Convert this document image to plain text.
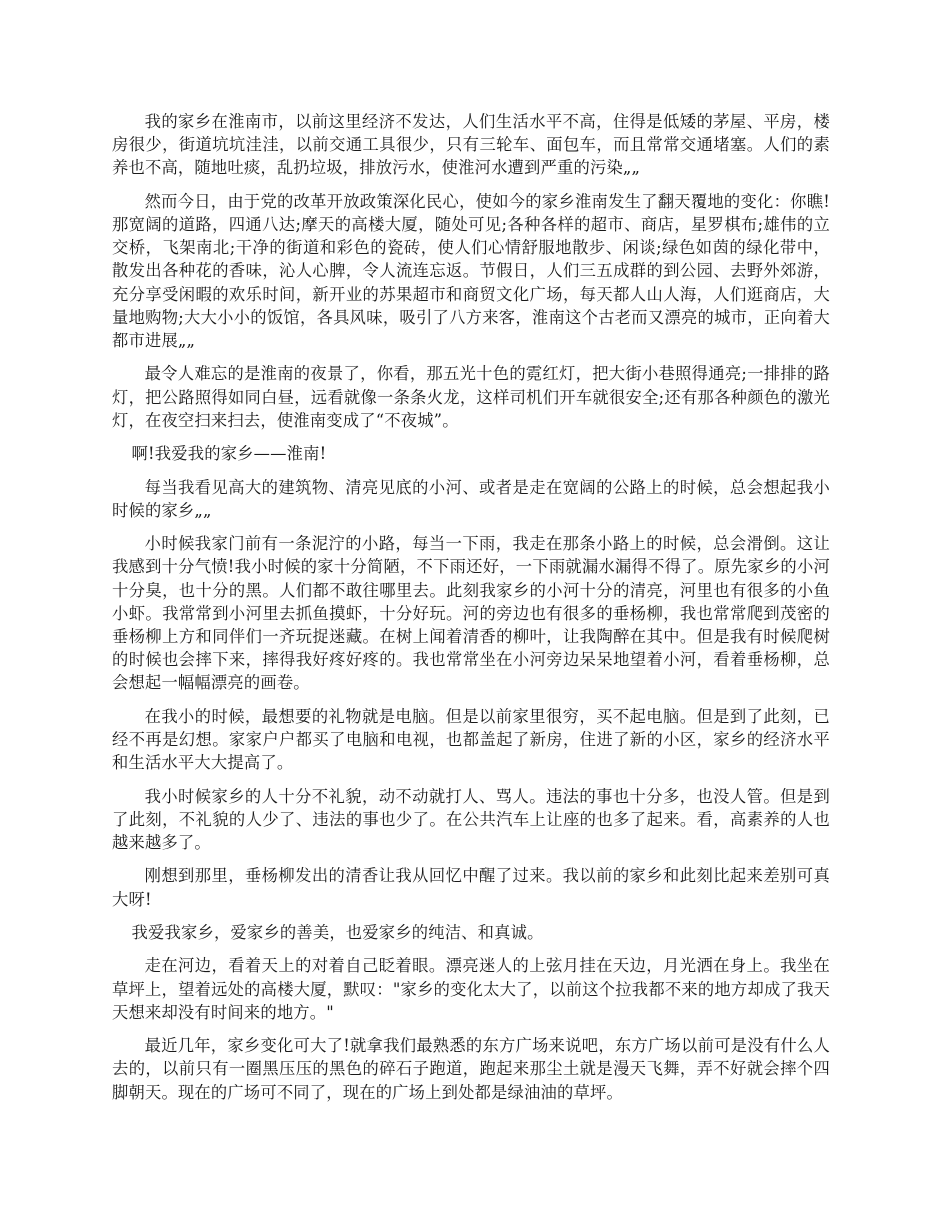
我的家乡在淮南市，以前这里经济不发达，人们生活水平不高，住得是低矮的茅屋、平房，楼房很少，街道坑坑洼洼，以前交通工具很少，只有三轮车、面包车，而且常常交通堵塞。人们的素养也不高，随地吐痰，乱扔垃圾，排放污水，使淮河水遭到严重的污染„„

然而今日，由于党的改革开放政策深化民心，使如今的家乡淮南发生了翻天覆地的变化：你瞧!那宽阔的道路，四通八达;摩天的高楼大厦，随处可见;各种各样的超市、商店，星罗棋布;雄伟的立交桥，飞架南北;干净的街道和彩色的瓷砖，使人们心情舒服地散步、闲谈;绿色如茵的绿化带中，散发出各种花的香味，沁人心脾，令人流连忘返。节假日，人们三五成群的到公园、去野外郊游，充分享受闲暇的欢乐时间，新开业的苏果超市和商贸文化广场，每天都人山人海，人们逛商店，大量地购物;大大小小的饭馆，各具风味，吸引了八方来客，淮南这个古老而又漂亮的城市，正向着大都市进展„„

最令人难忘的是淮南的夜景了，你看，那五光十色的霓红灯，把大街小巷照得通亮;一排排的路灯，把公路照得如同白昼，远看就像一条条火龙，这样司机们开车就很安全;还有那各种颜色的激光灯，在夜空扫来扫去，使淮南变成了“不夜城”。

啊!我爱我的家乡——淮南!

每当我看见高大的建筑物、清亮见底的小河、或者是走在宽阔的公路上的时候，总会想起我小时候的家乡„„

小时候我家门前有一条泥泞的小路，每当一下雨，我走在那条小路上的时候，总会滑倒。这让我感到十分气愤!我小时候的家十分简陋，不下雨还好，一下雨就漏水漏得不得了。原先家乡的小河十分臭，也十分的黑。人们都不敢往哪里去。此刻我家乡的小河十分的清亮，河里也有很多的小鱼小虾。我常常到小河里去抓鱼摸虾，十分好玩。河的旁边也有很多的垂杨柳，我也常常爬到茂密的垂杨柳上方和同伴们一齐玩捉迷藏。在树上闻着清香的柳叶，让我陶醉在其中。但是我有时候爬树的时候也会摔下来，摔得我好疼好疼的。我也常常坐在小河旁边呆呆地望着小河，看着垂杨柳，总会想起一幅幅漂亮的画卷。

在我小的时候，最想要的礼物就是电脑。但是以前家里很穷，买不起电脑。但是到了此刻，已经不再是幻想。家家户户都买了电脑和电视，也都盖起了新房，住进了新的小区，家乡的经济水平和生活水平大大提高了。

我小时候家乡的人十分不礼貌，动不动就打人、骂人。违法的事也十分多，也没人管。但是到了此刻，不礼貌的人少了、违法的事也少了。在公共汽车上让座的也多了起来。看，高素养的人也越来越多了。

刚想到那里，垂杨柳发出的清香让我从回忆中醒了过来。我以前的家乡和此刻比起来差别可真大呀!

我爱我家乡，爱家乡的善美，也爱家乡的纯洁、和真诚。

走在河边，看着天上的对着自己眨着眼。漂亮迷人的上弦月挂在天边，月光洒在身上。我坐在草坪上，望着远处的高楼大厦，默叹："家乡的变化太大了，以前这个拉我都不来的地方却成了我天天想来却没有时间来的地方。"

最近几年，家乡变化可大了!就拿我们最熟悉的东方广场来说吧，东方广场以前可是没有什么人去的，以前只有一圈黑压压的黑色的碎石子跑道，跑起来那尘土就是漫天飞舞，弄不好就会摔个四脚朝天。现在的广场可不同了，现在的广场上到处都是绿油油的草坪。
